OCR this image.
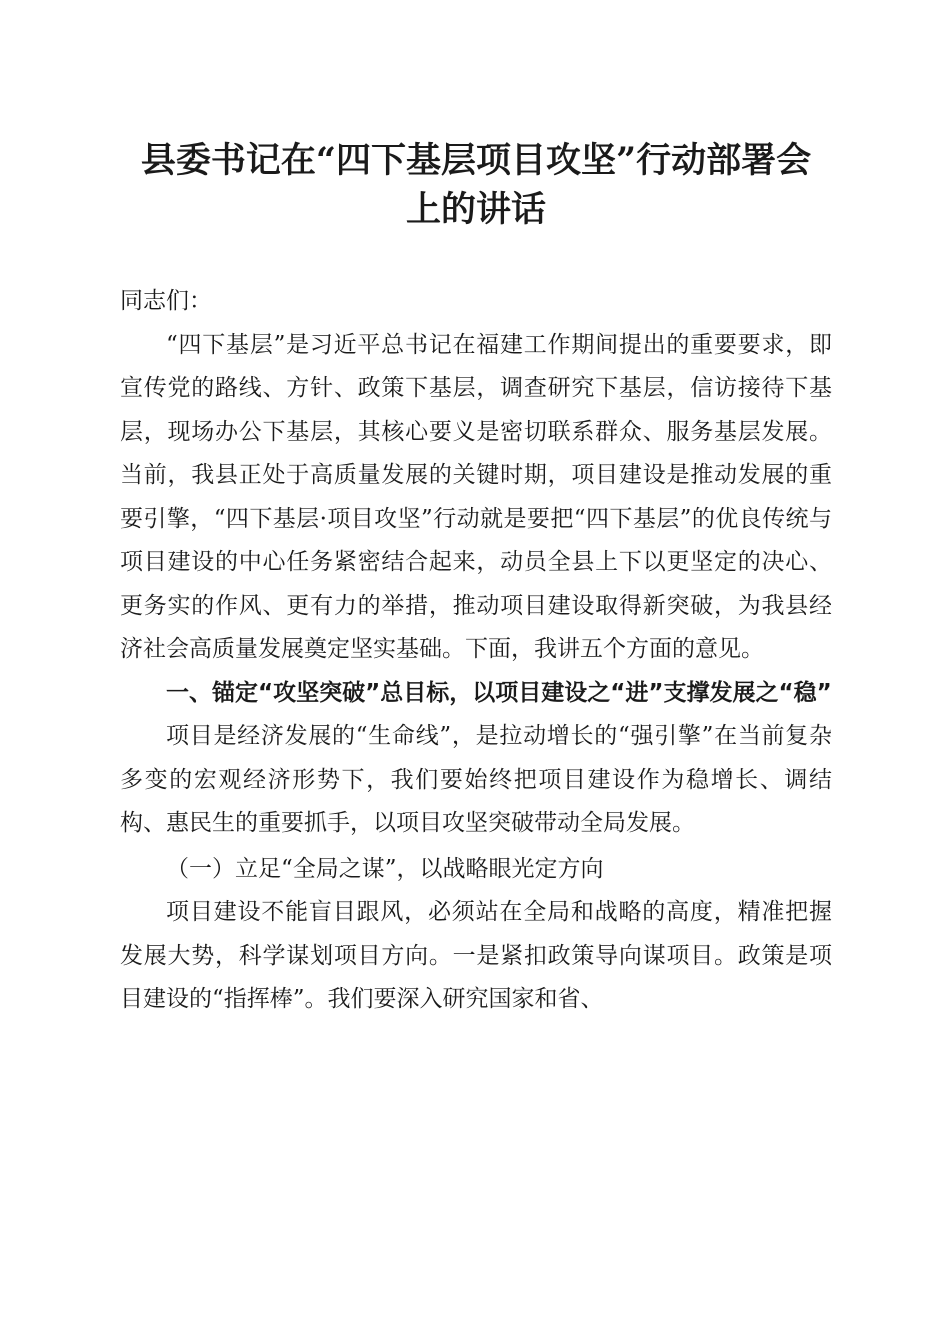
县委书记在“四下基层项目攻坚”行动部署会
上的讲话

同志们：

“四下基层”是习近平总书记在福建工作期间提出的重要要求，即宣传党的路线、方针、政策下基层，调查研究下基层，信访接待下基层，现场办公下基层，其核心要义是密切联系群众、服务基层发展。当前，我县正处于高质量发展的关键时期，项目建设是推动发展的重要引擎，“四下基层·项目攻坚”行动就是要把“四下基层”的优良传统与项目建设的中心任务紧密结合起来，动员全县上下以更坚定的决心、更务实的作风、更有力的举措，推动项目建设取得新突破，为我县经济社会高质量发展奠定坚实基础。下面，我讲五个方面的意见。

一、锚定“攻坚突破”总目标，以项目建设之“进”支撑发展之“稳”

项目是经济发展的“生命线”，是拉动增长的“强引擎”在当前复杂多变的宏观经济形势下，我们要始终把项目建设作为稳增长、调结构、惠民生的重要抓手，以项目攻坚突破带动全局发展。

（一）立足“全局之谋”，以战略眼光定方向

项目建设不能盲目跟风，必须站在全局和战略的高度，精准把握发展大势，科学谋划项目方向。一是紧扣政策导向谋项目。政策是项目建设的“指挥棒”。我们要深入研究国家和省、
